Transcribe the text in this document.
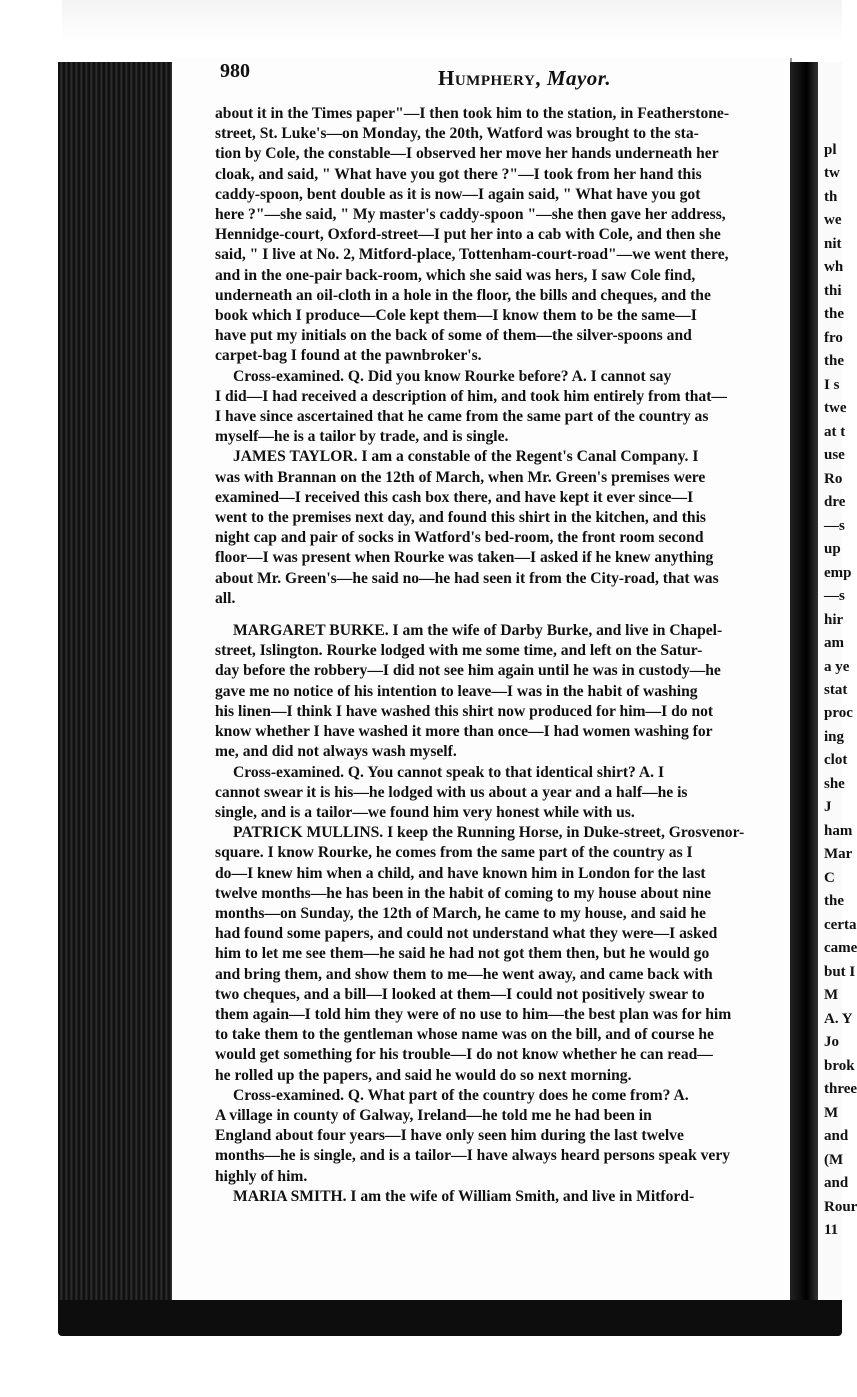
pl
tw
th
we
nit
wh
thi
the
fro
the
I s
twe
at t
use
Ro
dre
—s
up
emp
—s
hir
am
a ye
stat
proc
ing
clot
she
J
ham
Mar
C
the
certa
came
but I
M
A. Y
Jo
brok
three
M
and
(M
and
Rour
11
980	Humphery, Mayor.
about it in the Times paper"—I then took him to the station, in Featherstone-
street, St. Luke's—on Monday, the 20th, Watford was brought to the sta-
tion by Cole, the constable—I observed her move her hands underneath her
cloak, and said, " What have you got there ?"—I took from her hand this
caddy-spoon, bent double as it is now—I again said, " What have you got
here ?"—she said, " My master's caddy-spoon "—she then gave her address,
Hennidge-court, Oxford-street—I put her into a cab with Cole, and then she
said, " I live at No. 2, Mitford-place, Tottenham-court-road"—we went there,
and in the one-pair back-room, which she said was hers, I saw Cole find,
underneath an oil-cloth in a hole in the floor, the bills and cheques, and the
book which I produce—Cole kept them—I know them to be the same—I
have put my initials on the back of some of them—the silver-spoons and
carpet-bag I found at the pawnbroker's.
Cross-examined. Q. Did you know Rourke before? A. I cannot say
I did—I had received a description of him, and took him entirely from that—
I have since ascertained that he came from the same part of the country as
myself—he is a tailor by trade, and is single.
JAMES TAYLOR. I am a constable of the Regent's Canal Company. I
was with Brannan on the 12th of March, when Mr. Green's premises were
examined—I received this cash box there, and have kept it ever since—I
went to the premises next day, and found this shirt in the kitchen, and this
night cap and pair of socks in Watford's bed-room, the front room second
floor—I was present when Rourke was taken—I asked if he knew anything
about Mr. Green's—he said no—he had seen it from the City-road, that was
all.
MARGARET BURKE. I am the wife of Darby Burke, and live in Chapel-
street, Islington. Rourke lodged with me some time, and left on the Satur-
day before the robbery—I did not see him again until he was in custody—he
gave me no notice of his intention to leave—I was in the habit of washing
his linen—I think I have washed this shirt now produced for him—I do not
know whether I have washed it more than once—I had women washing for
me, and did not always wash myself.
Cross-examined. Q. You cannot speak to that identical shirt? A. I
cannot swear it is his—he lodged with us about a year and a half—he is
single, and is a tailor—we found him very honest while with us.
PATRICK MULLINS. I keep the Running Horse, in Duke-street, Grosvenor-
square. I know Rourke, he comes from the same part of the country as I
do—I knew him when a child, and have known him in London for the last
twelve months—he has been in the habit of coming to my house about nine
months—on Sunday, the 12th of March, he came to my house, and said he
had found some papers, and could not understand what they were—I asked
him to let me see them—he said he had not got them then, but he would go
and bring them, and show them to me—he went away, and came back with
two cheques, and a bill—I looked at them—I could not positively swear to
them again—I told him they were of no use to him—the best plan was for him
to take them to the gentleman whose name was on the bill, and of course he
would get something for his trouble—I do not know whether he can read—
he rolled up the papers, and said he would do so next morning.
Cross-examined. Q. What part of the country does he come from? A.
A village in county of Galway, Ireland—he told me he had been in
England about four years—I have only seen him during the last twelve
months—he is single, and is a tailor—I have always heard persons speak very
highly of him.
MARIA SMITH. I am the wife of William Smith, and live in Mitford-
